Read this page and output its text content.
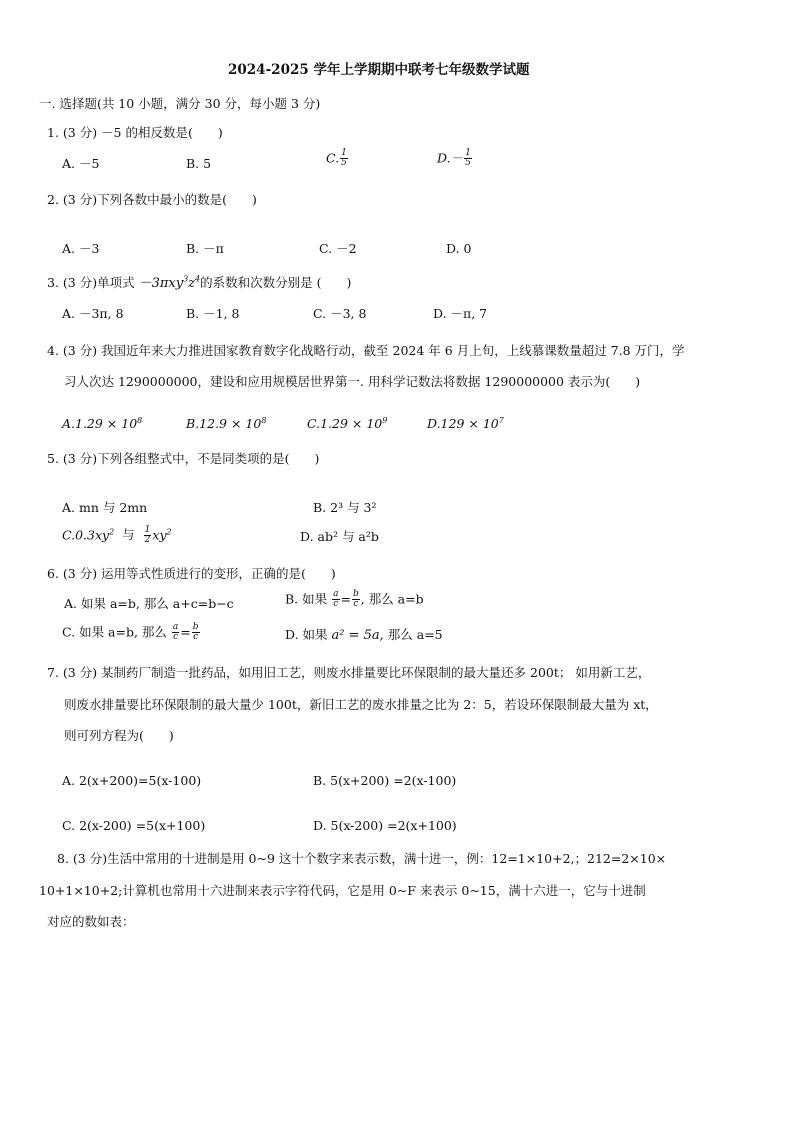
2024-2025 学年上学期期中联考七年级数学试题
一. 选择题(共 10 小题，满分 30 分，每小题 3 分)
1. (3 分) －5 的相反数是(　　)
A. －5	B. 5	C. $\frac{1}{5}$	$D.- \frac{1}{5}$
2. (3 分)下列各数中最小的数是(　　)
A. －3	B. －π	C. －2	D. 0
3. (3 分)单项式 $-3\pi xy^3z^4$的系数和次数分别是 (　　)
A. －3π, 8	B. －1, 8	C. －3, 8	D. －π, 7
4. (3 分) 我国近年来大力推进国家教育数字化战略行动，截至 2024 年 6 月上旬，上线慕课数量超过 7.8 万门，学
习人次达 1290000000，建设和应用规模居世界第一. 用科学记数法将数据 1290000000 表示为(　　)
$A.1.29 \times 10^8$	$B.12.9 \times 10^8$	$C.1.29 \times 10^9$	$D.129 \times 10^7$
5. (3 分)下列各组整式中，不是同类项的是(　　)
A. mn 与 2mn	B. 2³ 与 3²
$C.0.3xy^2$ 与 $\frac{1}{2} xy^2$	D. ab² 与 a²b
6. (3 分) 运用等式性质进行的变形，正确的是(　　)
A. 如果 a=b, 那么 a+c=b−c	B. 如果 $\frac{a}{c} = \frac{b}{c}$ , 那么 a=b
C. 如果 a=b, 那么 $\frac{a}{c} = \frac{b}{c}$	D. 如果 a² = 5a, 那么 a=5
7. (3 分) 某制药厂制造一批药品，如用旧工艺，则废水排量要比环保限制的最大量还多 200t； 如用新工艺，
则废水排量要比环保限制的最大量少 100t，新旧工艺的废水排量之比为 2：5，若设环保限制最大量为 xt，
则可列方程为(　　)
A. 2(x+200)=5(x-100)	B. 5(x+200) =2(x-100)
C. 2(x-200) =5(x+100)	D. 5(x-200) =2(x+100)
8. (3 分)生活中常用的十进制是用 0~9 这十个数字来表示数，满十进一，例：12=1×10+2,；212=2×10×
10+1×10+2;计算机也常用十六进制来表示字符代码，它是用 0~F 来表示 0~15，满十六进一，它与十进制
对应的数如表：
